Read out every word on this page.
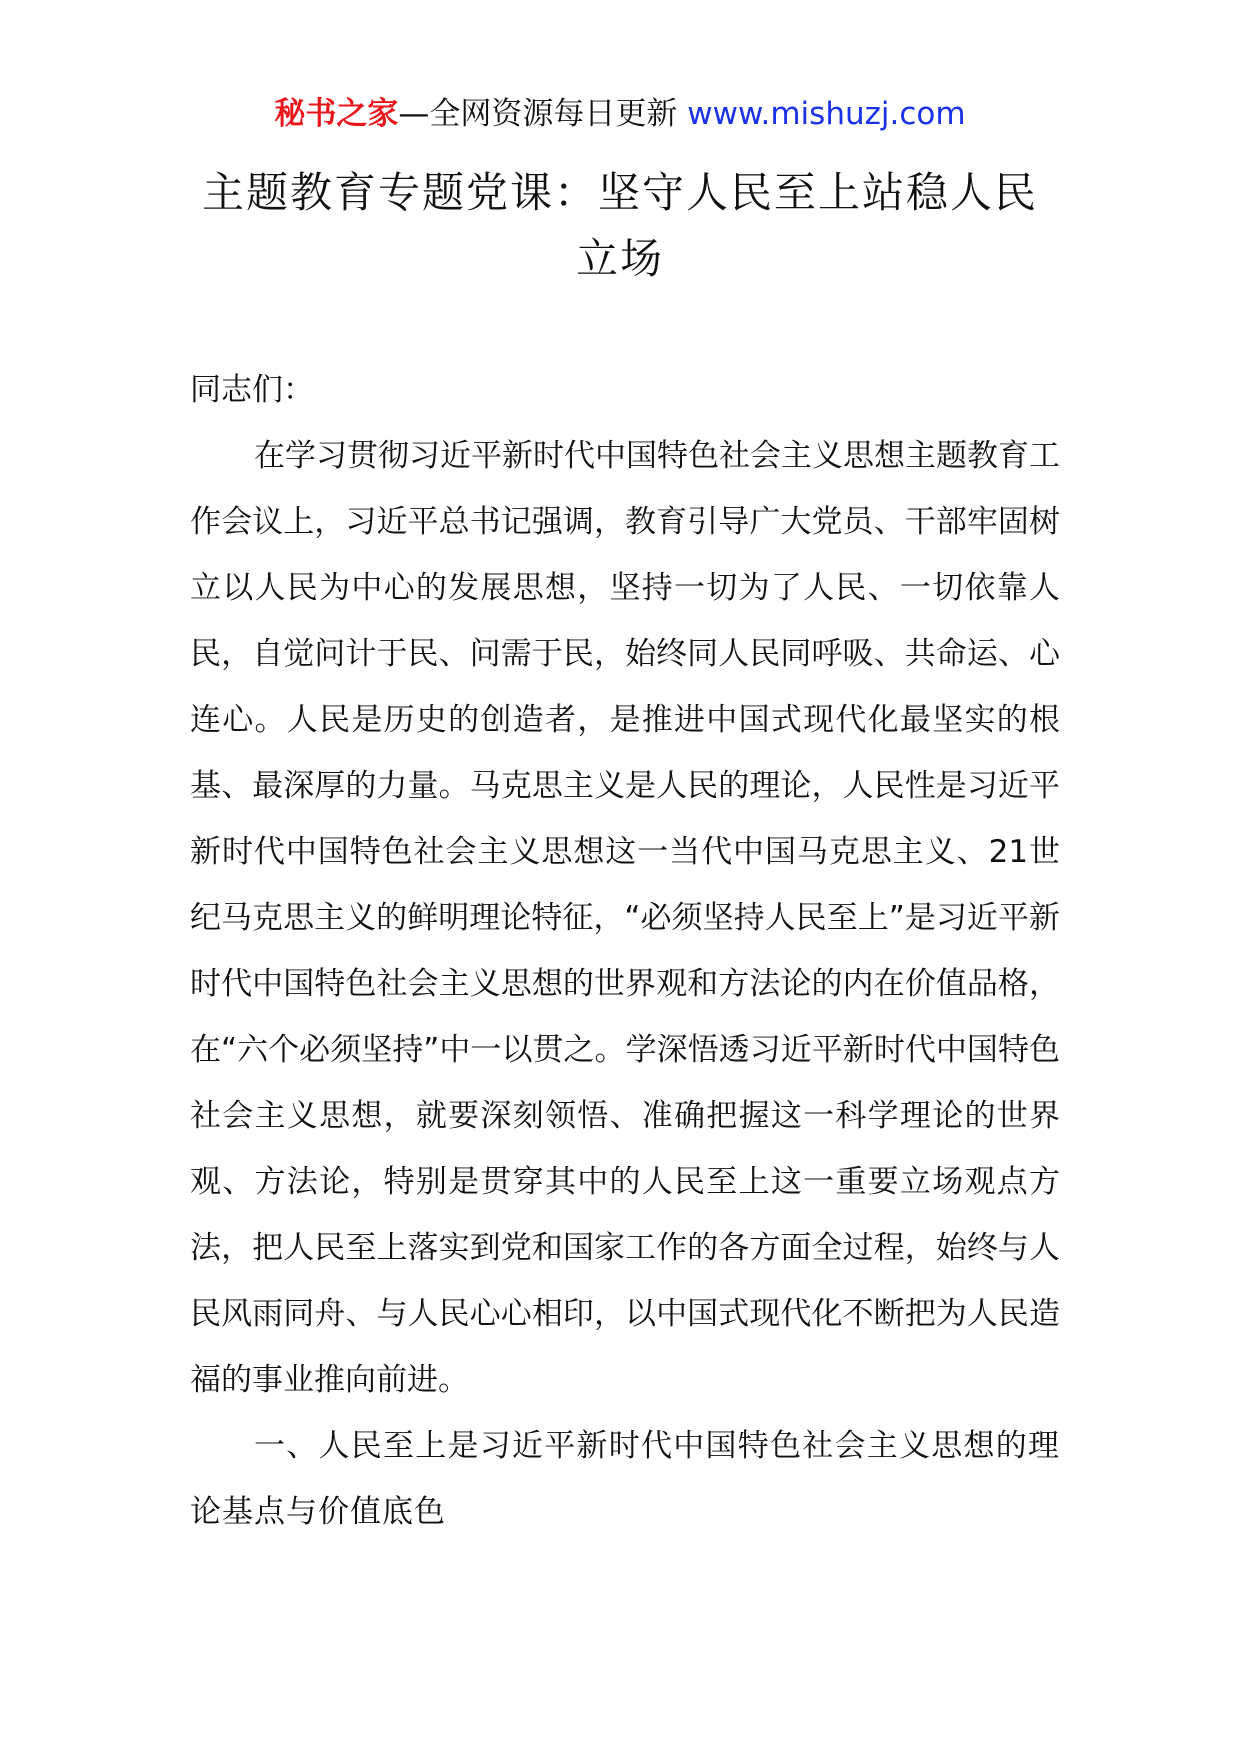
秘书之家—全网资源每日更新 www.mishuzj.com
主题教育专题党课：坚守人民至上站稳人民立场

同志们：

在学习贯彻习近平新时代中国特色社会主义思想主题教育工作会议上，习近平总书记强调，教育引导广大党员、干部牢固树立以人民为中心的发展思想，坚持一切为了人民、一切依靠人民，自觉问计于民、问需于民，始终同人民同呼吸、共命运、心连心。人民是历史的创造者，是推进中国式现代化最坚实的根基、最深厚的力量。马克思主义是人民的理论，人民性是习近平新时代中国特色社会主义思想这一当代中国马克思主义、21世纪马克思主义的鲜明理论特征，“必须坚持人民至上”是习近平新时代中国特色社会主义思想的世界观和方法论的内在价值品格，在“六个必须坚持”中一以贯之。学深悟透习近平新时代中国特色社会主义思想，就要深刻领悟、准确把握这一科学理论的世界观、方法论，特别是贯穿其中的人民至上这一重要立场观点方法，把人民至上落实到党和国家工作的各方面全过程，始终与人民风雨同舟、与人民心心相印，以中国式现代化不断把为人民造福的事业推向前进。

一、人民至上是习近平新时代中国特色社会主义思想的理论基点与价值底色
